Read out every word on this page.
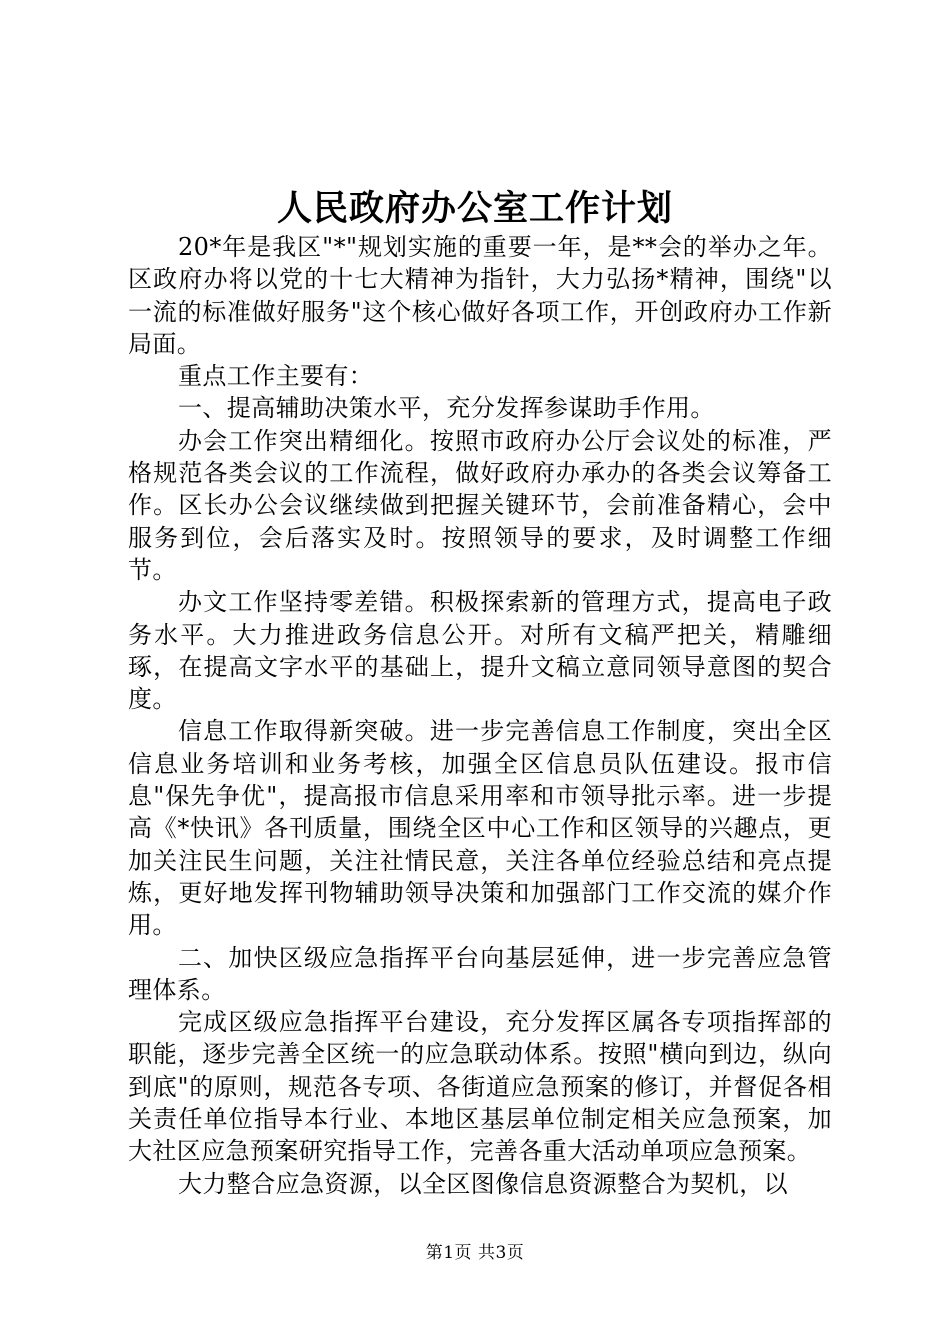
人民政府办公室工作计划

20*年是我区"*"规划实施的重要一年，是**会的举办之年。区政府办将以党的十七大精神为指针，大力弘扬*精神，围绕"以一流的标准做好服务"这个核心做好各项工作，开创政府办工作新局面。

重点工作主要有：

一、提高辅助决策水平，充分发挥参谋助手作用。

办会工作突出精细化。按照市政府办公厅会议处的标准，严格规范各类会议的工作流程，做好政府办承办的各类会议筹备工作。区长办公会议继续做到把握关键环节，会前准备精心，会中服务到位，会后落实及时。按照领导的要求，及时调整工作细节。

办文工作坚持零差错。积极探索新的管理方式，提高电子政务水平。大力推进政务信息公开。对所有文稿严把关，精雕细琢，在提高文字水平的基础上，提升文稿立意同领导意图的契合度。

信息工作取得新突破。进一步完善信息工作制度，突出全区信息业务培训和业务考核，加强全区信息员队伍建设。报市信息"保先争优"，提高报市信息采用率和市领导批示率。进一步提高《*快讯》各刊质量，围绕全区中心工作和区领导的兴趣点，更加关注民生问题，关注社情民意，关注各单位经验总结和亮点提炼，更好地发挥刊物辅助领导决策和加强部门工作交流的媒介作用。

二、加快区级应急指挥平台向基层延伸，进一步完善应急管理体系。

完成区级应急指挥平台建设，充分发挥区属各专项指挥部的职能，逐步完善全区统一的应急联动体系。按照"横向到边，纵向到底"的原则，规范各专项、各街道应急预案的修订，并督促各相关责任单位指导本行业、本地区基层单位制定相关应急预案，加大社区应急预案研究指导工作，完善各重大活动单项应急预案。

大力整合应急资源，以全区图像信息资源整合为契机，以

第1页 共3页
